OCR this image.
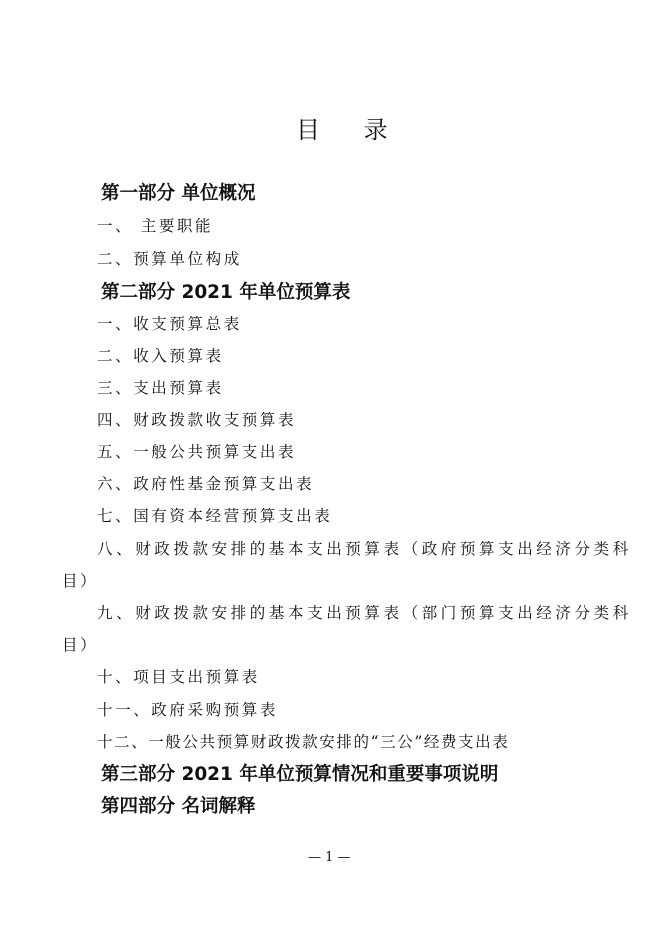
目 录
第一部分 单位概况
一、 主要职能
二、预算单位构成
第二部分 2021 年单位预算表
一、收支预算总表
二、收入预算表
三、支出预算表
四、财政拨款收支预算表
五、一般公共预算支出表
六、政府性基金预算支出表
七、国有资本经营预算支出表
八、财政拨款安排的基本支出预算表（政府预算支出经济分类科
目）
九、财政拨款安排的基本支出预算表（部门预算支出经济分类科
目）
十、项目支出预算表
十一、政府采购预算表
十二、一般公共预算财政拨款安排的“三公”经费支出表
第三部分 2021 年单位预算情况和重要事项说明
第四部分 名词解释
— 1 —
